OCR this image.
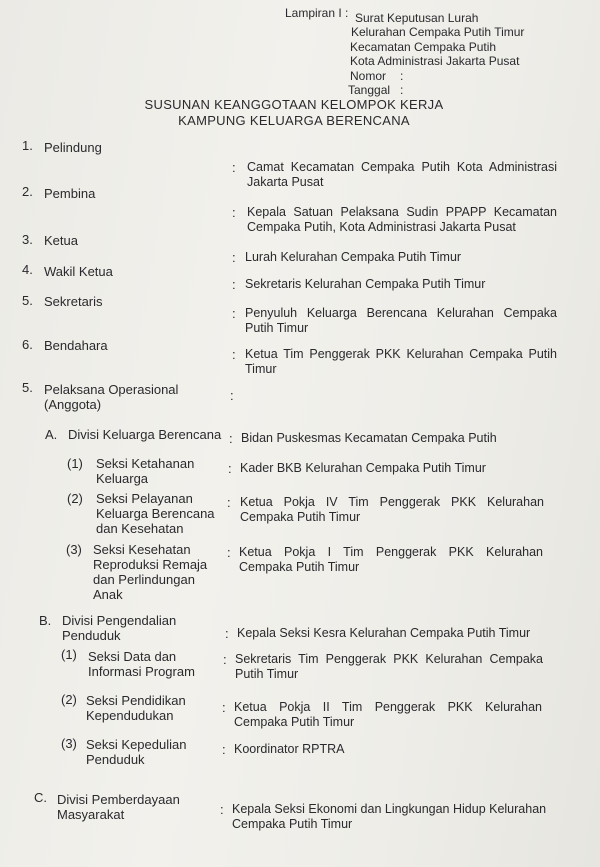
Lampiran I : Surat Keputusan Lurah
Kelurahan Cempaka Putih Timur
Kecamatan Cempaka Putih
Kota Administrasi Jakarta Pusat
Nomor :
Tanggal :
SUSUNAN KEANGGOTAAN KELOMPOK KERJA
KAMPUNG KELUARGA BERENCANA
1. Pelindung
: Camat Kecamatan Cempaka Putih Kota Administrasi Jakarta Pusat
2. Pembina
: Kepala Satuan Pelaksana Sudin PPAPP Kecamatan Cempaka Putih, Kota Administrasi Jakarta Pusat
3. Ketua
: Lurah Kelurahan Cempaka Putih Timur
4. Wakil Ketua
: Sekretaris Kelurahan Cempaka Putih Timur
5. Sekretaris
: Penyuluh Keluarga Berencana Kelurahan Cempaka Putih Timur
6. Bendahara
: Ketua Tim Penggerak PKK Kelurahan Cempaka Putih Timur
5. Pelaksana Operasional (Anggota)
:
A. Divisi Keluarga Berencana : Bidan Puskesmas Kecamatan Cempaka Putih
(1) Seksi Ketahanan Keluarga
: Kader BKB Kelurahan Cempaka Putih Timur
(2) Seksi Pelayanan Keluarga Berencana dan Kesehatan
: Ketua Pokja IV Tim Penggerak PKK Kelurahan Cempaka Putih Timur
(3) Seksi Kesehatan Reproduksi Remaja dan Perlindungan Anak
: Ketua Pokja I Tim Penggerak PKK Kelurahan Cempaka Putih Timur
B. Divisi Pengendalian Penduduk	: Kepala Seksi Kesra Kelurahan Cempaka Putih Timur
(1) Seksi Data dan Informasi Program
: Sekretaris Tim Penggerak PKK Kelurahan Cempaka Putih Timur
(2) Seksi Pendidikan Kependudukan
: Ketua Pokja II Tim Penggerak PKK Kelurahan Cempaka Putih Timur
(3) Seksi Kepedulian Penduduk
: Koordinator RPTRA
C. Divisi Pemberdayaan Masyarakat	: Kepala Seksi Ekonomi dan Lingkungan Hidup Kelurahan Cempaka Putih Timur
